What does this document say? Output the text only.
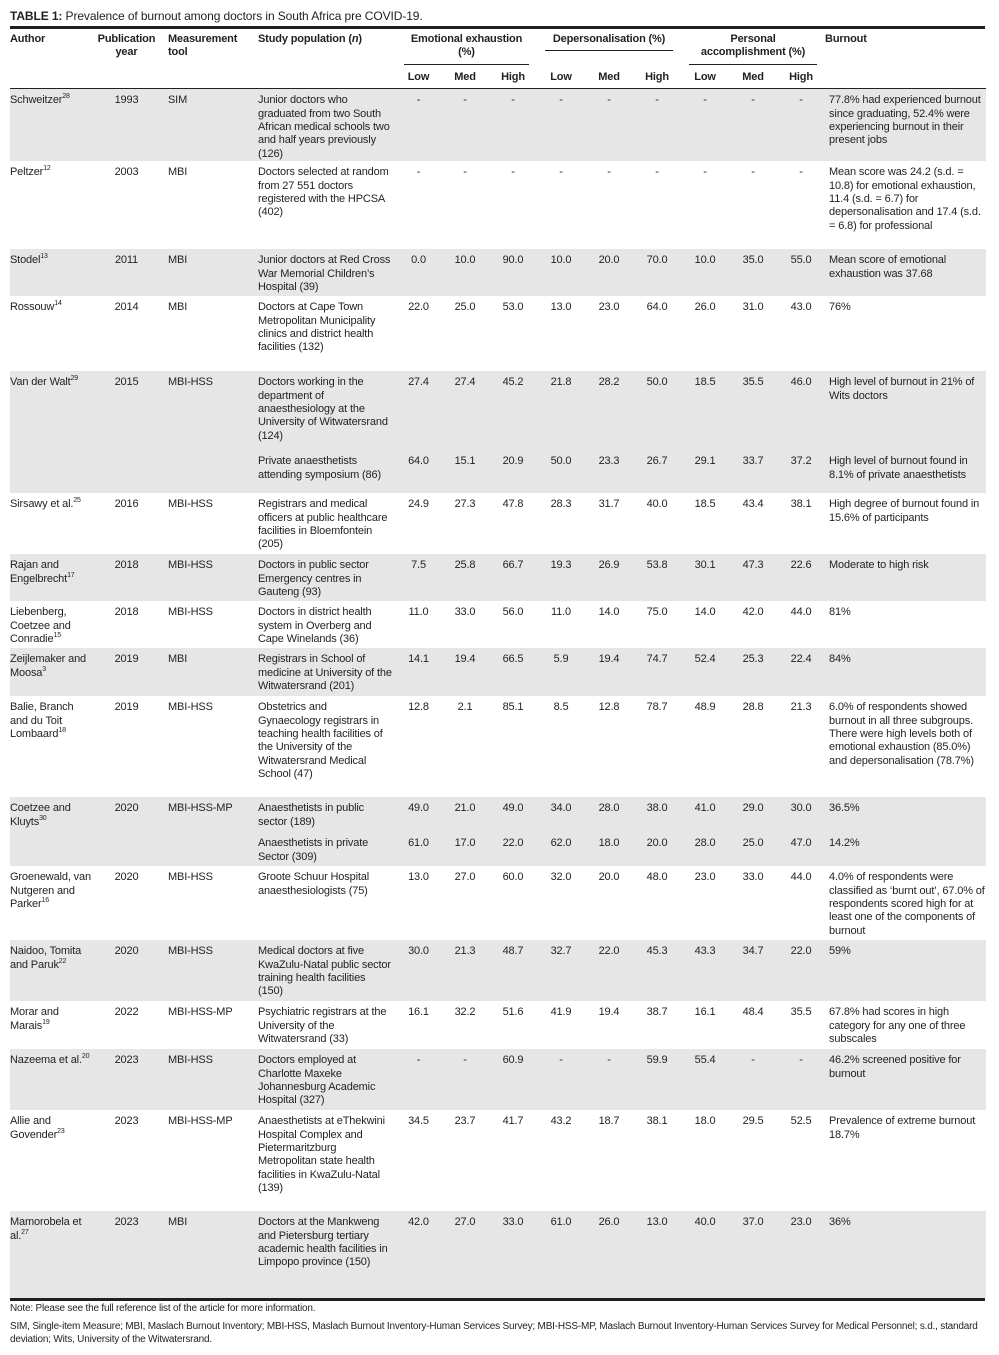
TABLE 1: Prevalence of burnout among doctors in South Africa pre COVID-19.
Author	Publication year	Measurement tool	Study population (n)	Emotional exhaustion (%)			Depersonalisation (%)			Personal accomplishment (%)			Burnout
				Low	Med	High	Low	Med	High	Low	Med	High	
Schweitzer$^{28}$	1993	SIM	Junior doctors who graduated from two South African medical schools two and half years previously (126)	-	-	-	-	-	-	-	-	-	77.8% had experienced burnout since graduating, 52.4% were experiencing burnout in their present jobs
Peltzer$^{12}$	2003	MBI	Doctors selected at random from 27 551 doctors registered with the HPCSA (402)	-	-	-	-	-	-	-	-	-	Mean score was 24.2 (s.d. = 10.8) for emotional exhaustion, 11.4 (s.d. = 6.7) for depersonalisation and 17.4 (s.d. = 6.8) for professional
Stodel$^{13}$	2011	MBI	Junior doctors at Red Cross War Memorial Children’s Hospital (39)	0.0	10.0	90.0	10.0	20.0	70.0	10.0	35.0	55.0	Mean score of emotional exhaustion was 37.68
Rossouw$^{14}$	2014	MBI	Doctors at Cape Town Metropolitan Municipality clinics and district health facilities (132)	22.0	25.0	53.0	13.0	23.0	64.0	26.0	31.0	43.0	76%
Van der Walt$^{29}$	2015	MBI-HSS	Doctors working in the department of anaesthesiology at the University of Witwatersrand (124)	27.4	27.4	45.2	21.8	28.2	50.0	18.5	35.5	46.0	High level of burnout in 21% of Wits doctors
			Private anaesthetists attending symposium (86)	64.0	15.1	20.9	50.0	23.3	26.7	29.1	33.7	37.2	High level of burnout found in 8.1% of private anaesthetists
Sirsawy et al.$^{25}$	2016	MBI-HSS	Registrars and medical officers at public healthcare facilities in Bloemfontein (205)	24.9	27.3	47.8	28.3	31.7	40.0	18.5	43.4	38.1	High degree of burnout found in 15.6% of participants
Rajan and Engelbrecht$^{17}$	2018	MBI-HSS	Doctors in public sector Emergency centres in Gauteng (93)	7.5	25.8	66.7	19.3	26.9	53.8	30.1	47.3	22.6	Moderate to high risk
Liebenberg, Coetzee and Conradie$^{15}$	2018	MBI-HSS	Doctors in district health system in Overberg and Cape Winelands (36)	11.0	33.0	56.0	11.0	14.0	75.0	14.0	42.0	44.0	81%
Zeijlemaker and Moosa$^3$	2019	MBI	Registrars in School of medicine at University of the Witwatersrand (201)	14.1	19.4	66.5	5.9	19.4	74.7	52.4	25.3	22.4	84%
Balie, Branch and du Toit Lombaard$^{18}$	2019	MBI-HSS	Obstetrics and Gynaecology registrars in teaching health facilities of the University of the Witwatersrand Medical School (47)	12.8	2.1	85.1	8.5	12.8	78.7	48.9	28.8	21.3	6.0% of respondents showed burnout in all three subgroups. There were high levels both of emotional exhaustion (85.0%) and depersonalisation (78.7%)
Coetzee and Kluyts$^{30}$	2020	MBI-HSS-MP	Anaesthetists in public sector (189)	49.0	21.0	49.0	34.0	28.0	38.0	41.0	29.0	30.0	36.5%
			Anaesthetists in private Sector (309)	61.0	17.0	22.0	62.0	18.0	20.0	28.0	25.0	47.0	14.2%
Groenewald, van Nutgeren and Parker$^{16}$	2020	MBI-HSS	Groote Schuur Hospital anaesthesiologists (75)	13.0	27.0	60.0	32.0	20.0	48.0	23.0	33.0	44.0	4.0% of respondents were classified as ‘burnt out’, 67.0% of respondents scored high for at least one of the components of burnout
Naidoo, Tomita and Paruk$^{22}$	2020	MBI-HSS	Medical doctors at five KwaZulu-Natal public sector training health facilities (150)	30.0	21.3	48.7	32.7	22.0	45.3	43.3	34.7	22.0	59%
Morar and Marais$^{19}$	2022	MBI-HSS-MP	Psychiatric registrars at the University of the Witwatersrand (33)	16.1	32.2	51.6	41.9	19.4	38.7	16.1	48.4	35.5	67.8% had scores in high category for any one of three subscales
Nazeema et al.$^{20}$	2023	MBI-HSS	Doctors employed at Charlotte Maxeke Johannesburg Academic Hospital (327)	-	-	60.9	-	-	59.9	55.4	-	-	46.2% screened positive for burnout
Allie and Govender$^{23}$	2023	MBI-HSS-MP	Anaesthetists at eThekwini Hospital Complex and Pietermaritzburg Metropolitan state health facilities in KwaZulu-Natal (139)	34.5	23.7	41.7	43.2	18.7	38.1	18.0	29.5	52.5	Prevalence of extreme burnout 18.7%
Mamorobela et al.$^{27}$	2023	MBI	Doctors at the Mankweng and Pietersburg tertiary academic health facilities in Limpopo province (150)	42.0	27.0	33.0	61.0	26.0	13.0	40.0	37.0	23.0	36%

Note: Please see the full reference list of the article for more information.

SIM, Single-item Measure; MBI, Maslach Burnout Inventory; MBI-HSS, Maslach Burnout Inventory-Human Services Survey; MBI-HSS-MP, Maslach Burnout Inventory-Human Services Survey for Medical Personnel; s.d., standard deviation; Wits, University of the Witwatersrand.
